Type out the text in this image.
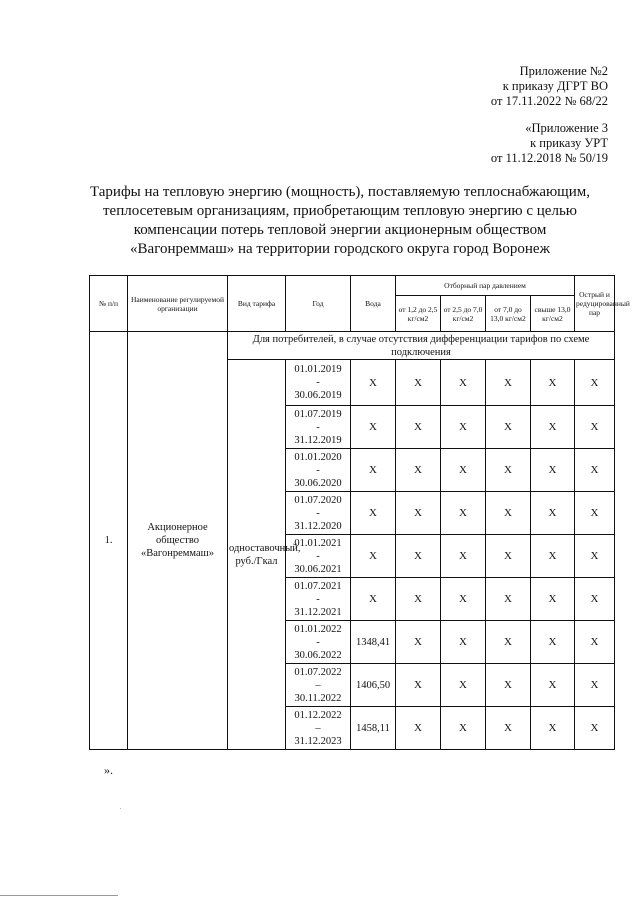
Приложение №2
к приказу ДГРТ ВО
от 17.11.2022 № 68/22
«Приложение 3
к приказу УРТ
от 11.12.2018 № 50/19
Тарифы на тепловую энергию (мощность), поставляемую теплоснабжающим,
теплосетевым организациям, приобретающим тепловую энергию с целью
компенсации потерь тепловой энергии акционерным обществом
«Вагонреммаш» на территории городского округа город Воронеж
№ п/п	Наименование регулируемой организации	Вид тарифа	Год	Вода	Отборный пар давлением				Острый и редуцированный пар
					от 1,2 до 2,5 кг/см2	от 2,5 до 7,0 кг/см2	от 7,0 до 13,0 кг/см2	свыше 13,0 кг/см2	
1.	Акционерное общество «Вагонреммаш»	Для потребителей, в случае отсутствия дифференциации тарифов по схеме подключения							
		одноставочный, руб./Гкал	01.01.2019
-
30.06.2019	Х	Х	Х	Х	Х	Х

			01.07.2019
-
31.12.2019	Х	Х	Х	Х	Х	Х

			01.01.2020
-
30.06.2020	Х	Х	Х	Х	Х	Х

			01.07.2020
-
31.12.2020	Х	Х	Х	Х	Х	Х

			01.01.2021
-
30.06.2021	Х	Х	Х	Х	Х	Х

			01.07.2021
-
31.12.2021	Х	Х	Х	Х	Х	Х

			01.01.2022
-
30.06.2022	1348,41	Х	Х	Х	Х	Х

			01.07.2022
–
30.11.2022	1406,50	Х	Х	Х	Х	Х

			01.12.2022
–
31.12.2023	1458,11	Х	Х	Х	Х	Х
».
